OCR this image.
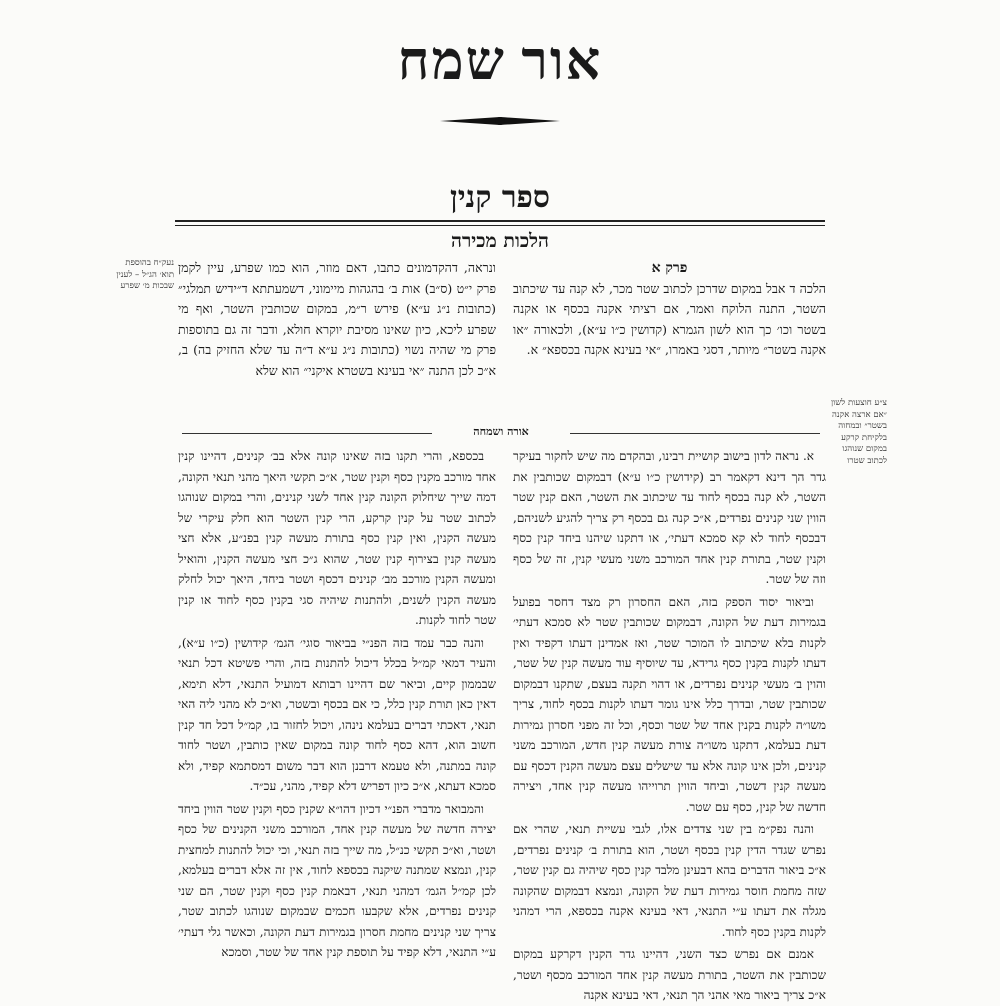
אור שמח
ספר קנין
הלכות מכירה
פרק א
הלכה ד אבל במקום שדרכן לכתוב שטר מכר, לא קנה עד שיכתוב השטר, התנה הלוקח ואמר, אם רציתי אקנה בכסף או אקנה בשטר וכו׳ כך הוא לשון הגמרא (קדושין כ״ו ע״א), ולכאורה ״או אקנה בשטר״ מיותר, דסגי באמרו, ״אי בעינא אקנה בכספא״ א.
ונראה, דהקדמונים כתבו, דאם מוזר, הוא כמו שפרע, עיין לקמן פרק י״ט (ס״ב) אות ב׳ בהגהות מיימוני, דשמעתתא ד״ידיש תמלגי״ (כתובות נ״ג ע״א) פירש ר״מ, במקום שכותבין השטר, ואף מי שפרע ליכא, כיון שאינו מסיבת יוקרא חולא, ודבר זה גם בתוספות פרק מי שהיה נשוי (כתובות נ״ג ע״א ד״ה עד שלא החזיק בה) ב, א״כ לכן התנה ״אי בעינא בשטרא איקני״ הוא שלא
צ״ע חוצעות לשון ״אם ארצה אקנה בשטר״ ובמחוה בלקיחת קרקע במקום שנוהגו לכתוב שטרו
נעק״ח בהוספת תוא׳ הג״ל – לענין שבכות מ׳ שפרע
אורה ושמחה

א. נראה לדון בישוב קושיית רבינו, ובהקדם מה שיש לחקור בעיקר גדר הך דינא דקאמר רב (קידושין כ״ו ע״א) דבמקום שכותבין את השטר, לא קנה בכסף לחוד עד שיכתוב את השטר, האם קנין שטר הווין שני קנינים נפרדים, א״כ קנה גם בכסף רק צריך להגיע לשניהם, דבכסף לחוד לא קא סמכא דעתי׳, או דתקנו שיהנו ביחד קנין כסף וקנין שטר, בתורת קנין אחד המורכב משני מעשי קנין, זה של כסף וזה של שטר.

וביאור יסוד הספק בזה, האם החסרון רק מצד דחסר בפועל בגמירות דעת של הקונה, דבמקום שכותבין שטר לא סמכא דעתי׳ לקנות בלא שיכתוב לו המוכר שטר, ואז אמדינן דעתו דקפיד ואין דעתו לקנות בקנין כסף גרידא, עד שיוסיף עוד מעשה קנין של שטר, והוין ב׳ מעשי קנינים נפרדים, או דהוי תקנה בעצם, שתקנו דבמקום שכותבין שטר, ובדרך כלל אינו גומר דעתו לקנות בכסף לחוד, צריך משו״ה לקנות בקנין אחד של שטר וכסף, וכל זה מפני חסרון גמירות דעת בעלמא, דתקנו משו״ה צורת מעשה קנין חדש, המורכב משני קנינים, ולכן אינו קונה אלא עד שישלים עצם מעשה הקנין דכסף עם מעשה קנין דשטר, וביחד הווין תרוייהו מעשה קנין אחד, ויצירה חדשה של קנין, כסף עם שטר.

והנה נפק״מ בין שני צדדים אלו, לגבי עשיית תנאי, שהרי אם נפרש שגדר הדין קנין בכסף ושטר, הוא בתורת ב׳ קנינים נפרדים, א״כ ביאור הדברים בהא דבעינן מלבד קנין כסף שיהיה גם קנין שטר, שזה מחמת חוסר גמירות דעת של הקונה, ונמצא דבמקום שהקונה מגלה את דעתו ע״י התנאי, דאי בעינא אקנה בכספא, הרי דמהני לקנות בקנין כסף לחוד.

אמנם אם נפרש כצד השני, דהיינו גדר הקנין דקרקע במקום שכותבין את השטר, בתורת מעשה קנין אחד המורכב מכסף ושטר, א״כ צריך ביאור מאי אהני הך תנאי, דאי בעינא אקנה

בכספא, והרי תקנו בזה שאינו קונה אלא בב׳ קנינים, דהיינו קנין אחד מורכב מקנין כסף וקנין שטר, א״כ תקשי היאך מהני תנאי הקונה, דמה שייך שיחלוק הקונה קנין אחד לשני קנינים, והרי במקום שנוהגו לכתוב שטר על קנין קרקע, הרי קנין השטר הוא חלק עיקרי של מעשה הקנין, ואין קנין כסף בתורת מעשה קנין בפנ״ע, אלא חצי מעשה קנין בצירוף קנין שטר, שהוא ג״כ חצי מעשה הקנין, והואיל ומעשה הקנין מורכב מב׳ קנינים דכסף ושטר ביחד, היאך יכול לחלק מעשה הקנין לשנים, ולהתנות שיהיה סגי בקנין כסף לחוד או קנין שטר לחוד לקנות.

והנה כבר עמד בזה הפנ״י בביאור סוגי׳ הגמ׳ קידושין (כ״ו ע״א), והעיר דמאי קמ״ל בכלל דיכול להתנות בזה, והרי פשיטא דכל תנאי שבממון קיים, וביאר שם דהיינו רבותא דמועיל התנאי, דלא תימא, דאין כאן תורת קנין כלל, כי אם בכסף ובשטר, וא״כ לא מהני ליה האי תנאי, דאכתי דברים בעלמא נינהו, ויכול לחזור בו, קמ״ל דכל חד קנין חשוב הוא, דהא כסף לחוד קונה במקום שאין כותבין, ושטר לחוד קונה במתנה, ולא טעמא דרבנן הוא דבר משום דמסתמא קפיד, ולא סמכא דעתא, א״כ כיון דפריש דלא קפיד, מהני, עכ״ד.

והמבואר מדברי הפנ״י דכיון דהו״א שקנין כסף וקנין שטר הווין ביחד יצירה חדשה של מעשה קנין אחד, המורכב משני הקנינים של כסף ושטר, וא״כ תקשי כנ״ל, מה שייך בזה תנאי, וכי יכול להתנות למחצית קנין, ונמצא שמתנה שיקנה בכספא לחוד, אין זה אלא דברים בעלמא, לכן קמ״ל הגמ׳ דמהני תנאי, דבאמת קנין כסף וקנין שטר, הם שני קנינים נפרדים, אלא שקבעו חכמים שבמקום שנוהגו לכתוב שטר, צריך שני קנינים מחמת חסרון בגמירות דעת הקונה, וכאשר גלי דעתי׳ ע״י התנאי, דלא קפיד על תוספת קנין אחד של שטר, וסמכא
